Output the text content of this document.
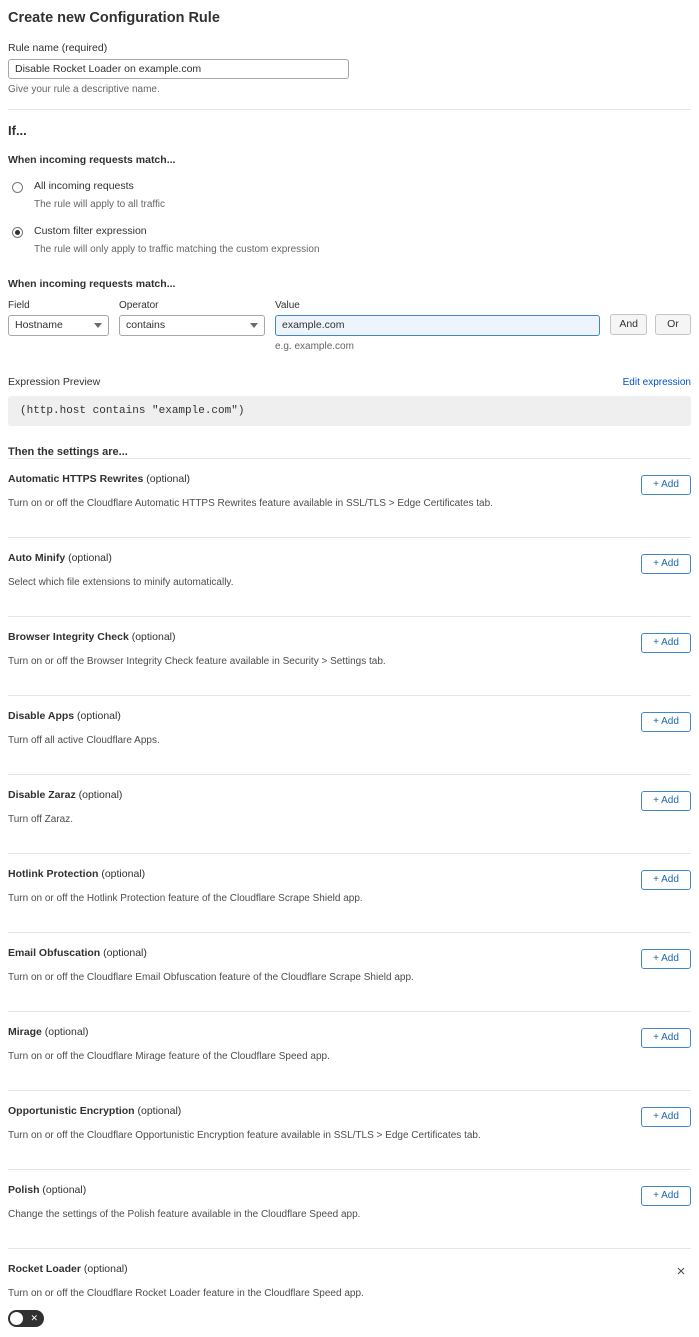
Create new Configuration Rule
Rule name (required)
Disable Rocket Loader on example.com
Give your rule a descriptive name.
If...
When incoming requests match...
All incoming requests
The rule will apply to all traffic
Custom filter expression
The rule will only apply to traffic matching the custom expression
When incoming requests match...
Field
Hostname
Operator
contains
Value
example.com
e.g. example.com
And	Or
Expression Preview	Edit expression
(http.host contains "example.com")
Then the settings are...
Automatic HTTPS Rewrites (optional)
Turn on or off the Cloudflare Automatic HTTPS Rewrites feature available in SSL/TLS > Edge Certificates tab.
+ Add
Auto Minify (optional)
Select which file extensions to minify automatically.
+ Add
Browser Integrity Check (optional)
Turn on or off the Browser Integrity Check feature available in Security > Settings tab.
+ Add
Disable Apps (optional)
Turn off all active Cloudflare Apps.
+ Add
Disable Zaraz (optional)
Turn off Zaraz.
+ Add
Hotlink Protection (optional)
Turn on or off the Hotlink Protection feature of the Cloudflare Scrape Shield app.
+ Add
Email Obfuscation (optional)
Turn on or off the Cloudflare Email Obfuscation feature of the Cloudflare Scrape Shield app.
+ Add
Mirage (optional)
Turn on or off the Cloudflare Mirage feature of the Cloudflare Speed app.
+ Add
Opportunistic Encryption (optional)
Turn on or off the Cloudflare Opportunistic Encryption feature available in SSL/TLS > Edge Certificates tab.
+ Add
Polish (optional)
Change the settings of the Polish feature available in the Cloudflare Speed app.
+ Add
Rocket Loader (optional)
Turn on or off the Cloudflare Rocket Loader feature in the Cloudflare Speed app.
×
✕
